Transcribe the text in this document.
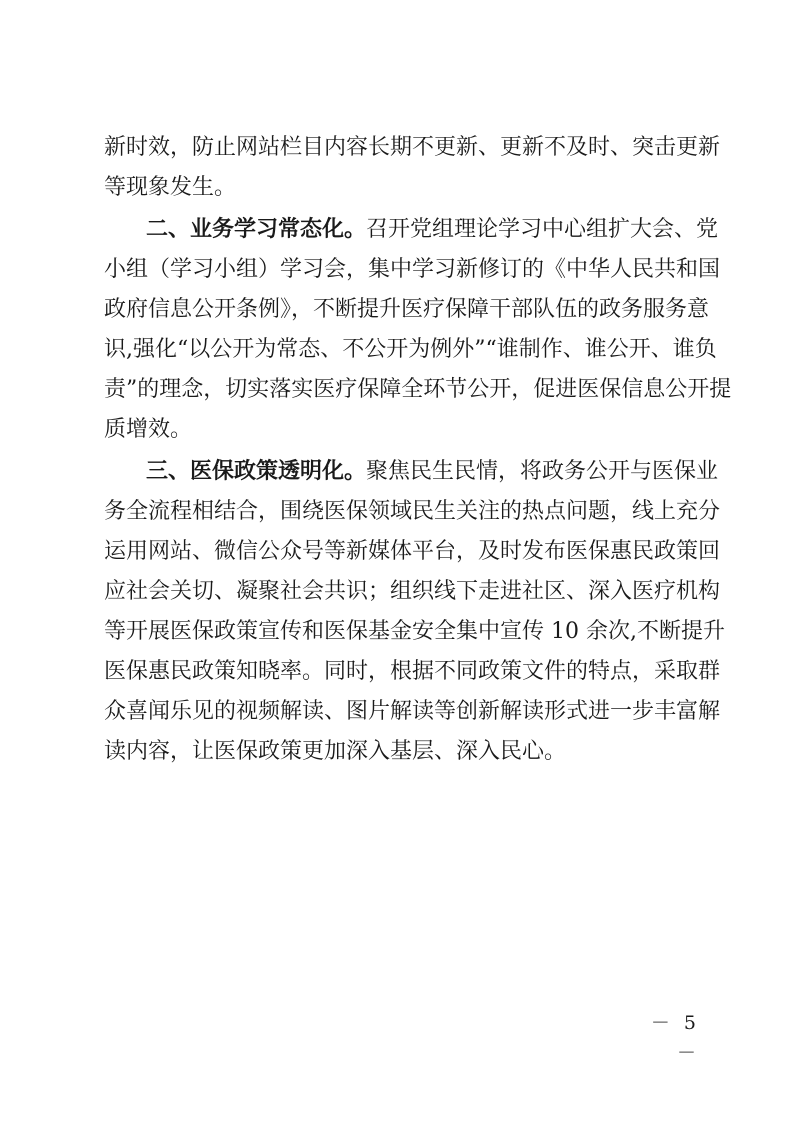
新时效，防止网站栏目内容长期不更新、更新不及时、突击更新
等现象发生。
二、业务学习常态化。召开党组理论学习中心组扩大会、党
小组（学习小组）学习会，集中学习新修订的《中华人民共和国
政府信息公开条例》，不断提升医疗保障干部队伍的政务服务意
识,强化“以公开为常态、不公开为例外”“谁制作、谁公开、谁负
责”的理念，切实落实医疗保障全环节公开，促进医保信息公开提
质增效。
三、医保政策透明化。聚焦民生民情，将政务公开与医保业
务全流程相结合，围绕医保领域民生关注的热点问题，线上充分
运用网站、微信公众号等新媒体平台，及时发布医保惠民政策回
应社会关切、凝聚社会共识；组织线下走进社区、深入医疗机构
等开展医保政策宣传和医保基金安全集中宣传 10 余次,不断提升
医保惠民政策知晓率。同时，根据不同政策文件的特点，采取群
众喜闻乐见的视频解读、图片解读等创新解读形式进一步丰富解
读内容，让医保政策更加深入基层、深入民心。
－ 5 －
